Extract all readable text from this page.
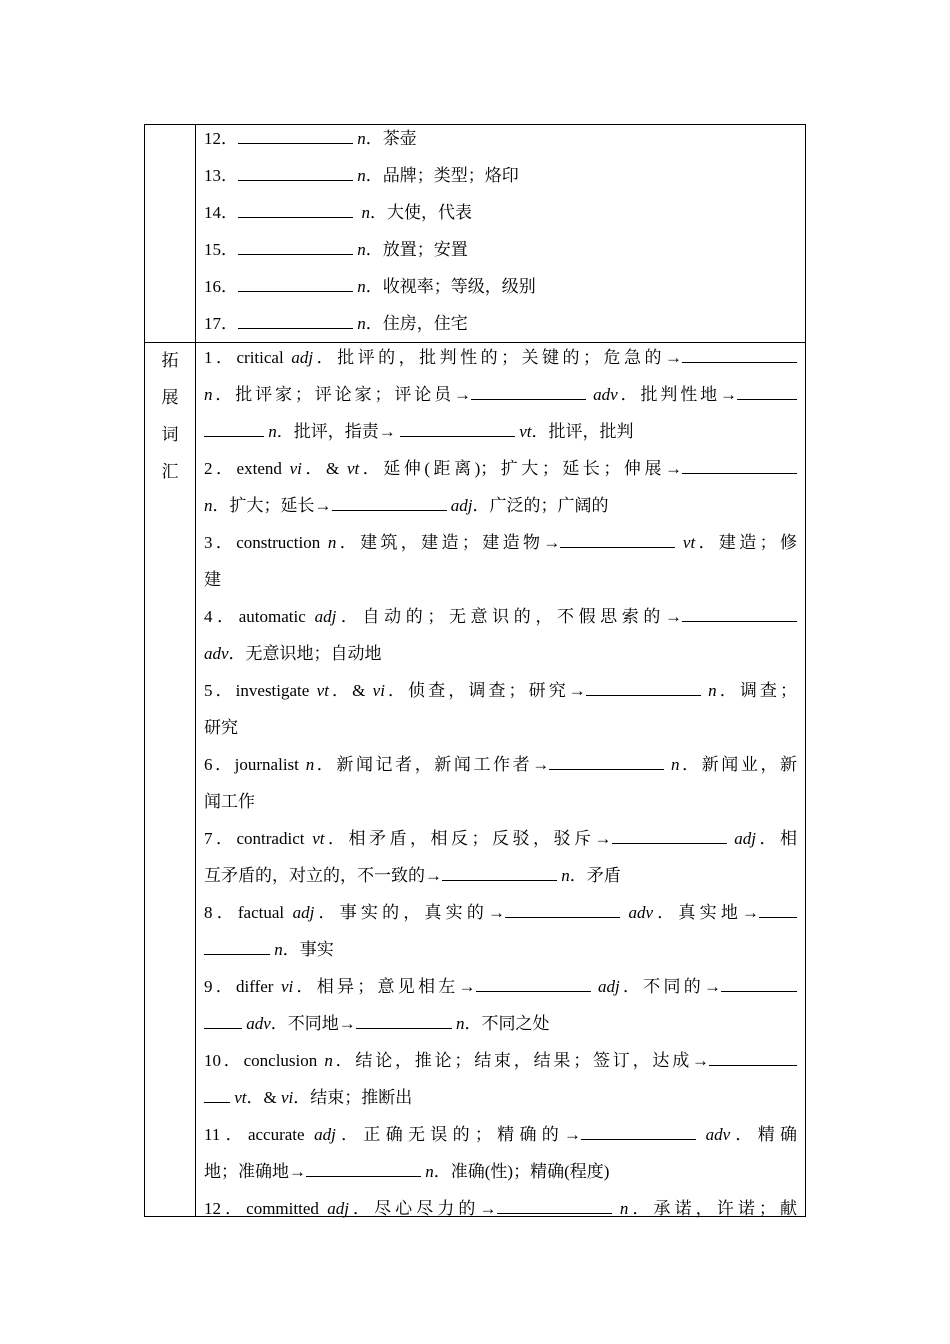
拓
展
词
汇
12．	n．茶壶
13．	n．品牌；类型；烙印
14．	n．大使，代表
15．	n．放置；安置
16．	n．收视率；等级，级别
17．	n．住房，住宅
1．critical adj．批评的，批判性的；关键的；危急的→
n．批评家；评论家；评论员→	adv．批判性地→
n．批评，指责→	vt．批评，批判
2．extend vi．& vt．延伸(距离)；扩大；延长；伸展→
n．扩大；延长→	adj．广泛的；广阔的
3．construction n．建筑，建造；建造物→	vt．建造；修
建
4．automatic adj．自动的；无意识的，不假思索的→
adv．无意识地；自动地
5．investigate vt．& vi．侦查，调查；研究→	n．调查；
研究
6．journalist n．新闻记者，新闻工作者→	n．新闻业，新
闻工作
7．contradict vt．相矛盾，相反；反驳，驳斥→	adj．相
互矛盾的，对立的，不一致的→	n．矛盾
8．factual adj．事实的，真实的→	adv．真实地→
n．事实
9．differ vi．相异；意见相左→	adj．不同的→
adv．不同地→	n．不同之处
10．conclusion n．结论，推论；结束，结果；签订，达成→
vt．& vi．结束；推断出
11．accurate adj．正确无误的；精确的→	adv．精确
地；准确地→	n．准确(性)；精确(程度)
12．committed adj．尽心尽力的→	n．承诺，许诺；献
